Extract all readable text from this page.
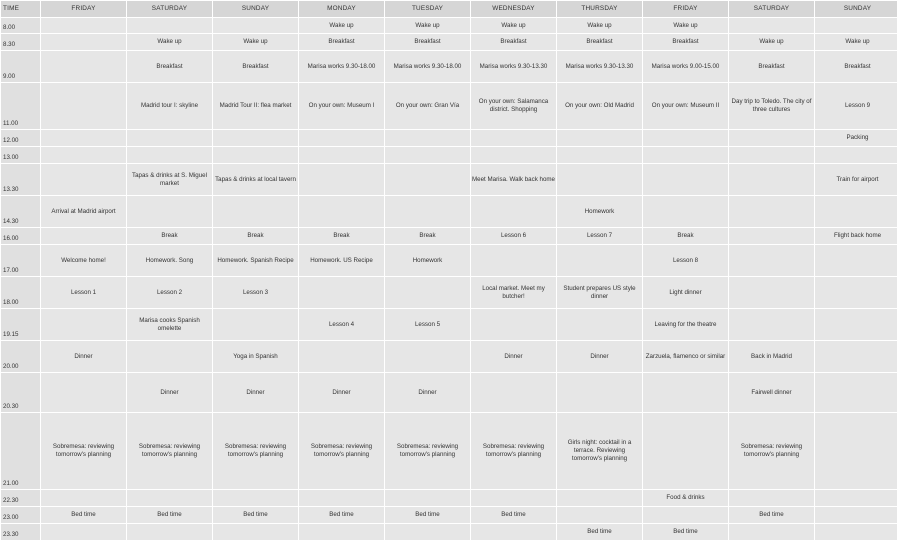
TIME	FRIDAY	SATURDAY	SUNDAY	MONDAY	TUESDAY	WEDNESDAY	THURSDAY	FRIDAY	SATURDAY	SUNDAY
8.00				Wake up	Wake up	Wake up	Wake up	Wake up		
8.30		Wake up	Wake up	Breakfast	Breakfast	Breakfast	Breakfast	Breakfast	Wake up	Wake up
9.00		Breakfast	Breakfast	Marisa works 9.30-18.00	Marisa works 9.30-18.00	Marisa works 9.30-13.30	Marisa works 9.30-13.30	Marisa works 9.00-15.00	Breakfast	Breakfast
11.00		Madrid tour I: skyline	Madrid Tour II: flea market	On your own: Museum I	On your own: Gran Vía	On your own: Salamanca district. Shopping	On your own: Old Madrid	On your own: Museum II	Day trip to Toledo. The city of three cultures	Lesson 9
12.00										Packing
13.00										
13.30		Tapas & drinks at S. Miguel market	Tapas & drinks at local tavern			Meet Marisa. Walk back home				Train for airport
14.30	Arrival at Madrid airport						Homework			
16.00		Break	Break	Break	Break	Lesson 6	Lesson 7	Break		Flight back home
17.00	Welcome home!	Homework. Song	Homework. Spanish Recipe	Homework. US Recipe	Homework			Lesson 8		
18.00	Lesson 1	Lesson 2	Lesson 3			Local market. Meet my butcher!	Student prepares US style dinner	Light dinner		
19.15		Marisa cooks Spanish omelette		Lesson 4	Lesson 5			Leaving for the theatre		
20.00	Dinner		Yoga in Spanish			Dinner	Dinner	Zarzuela, flamenco or similar	Back in Madrid	
20.30		Dinner	Dinner	Dinner	Dinner				Fairwell dinner	
21.00	Sobremesa: reviewing tomorrow's planning	Sobremesa: reviewing tomorrow's planning	Sobremesa: reviewing tomorrow's planning	Sobremesa: reviewing tomorrow's planning	Sobremesa: reviewing tomorrow's planning	Sobremesa: reviewing tomorrow's planning	Girls night: cocktail in a terrace. Reviewing tomorrow's planning		Sobremesa: reviewing tomorrow's planning	
22.30								Food & drinks		
23.00	Bed time	Bed time	Bed time	Bed time	Bed time	Bed time			Bed time	
23.30							Bed time	Bed time		
